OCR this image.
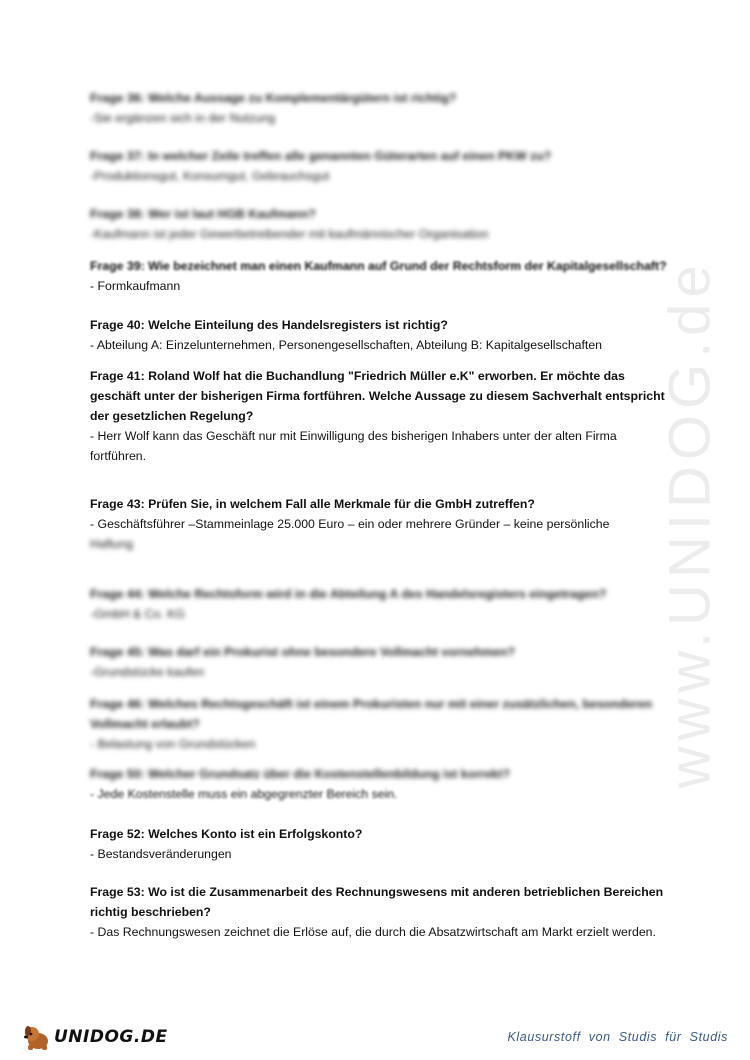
www.UNIDOG.de
Frage 36: Welche Aussage zu Komplementärgütern ist richtig?
-Sie ergänzen sich in der Nutzung
Frage 37: In welcher Zeile treffen alle genannten Güterarten auf einen PKW zu?
-Produktionsgut, Konsumgut, Gebrauchsgut
Frage 38: Wer ist laut HGB Kaufmann?
-Kaufmann ist jeder Gewerbetreibender mit kaufmännischer Organisation
Frage 39: Wie bezeichnet man einen Kaufmann auf Grund der Rechtsform der Kapitalgesellschaft?
- Formkaufmann
Frage 40: Welche Einteilung des Handelsregisters ist richtig?
- Abteilung A: Einzelunternehmen, Personengesellschaften, Abteilung B: Kapitalgesellschaften
Frage 41: Roland Wolf hat die Buchandlung "Friedrich Müller e.K" erworben. Er möchte das geschäft unter der bisherigen Firma fortführen. Welche Aussage zu diesem Sachverhalt entspricht der gesetzlichen Regelung?
- Herr Wolf kann das Geschäft nur mit Einwilligung des bisherigen Inhabers unter der alten Firma fortführen.
Frage 43: Prüfen Sie, in welchem Fall alle Merkmale für die GmbH zutreffen?
- Geschäftsführer –Stammeinlage 25.000 Euro – ein oder mehrere Gründer – keine persönliche
Haftung
Frage 44: Welche Rechtsform wird in die Abteilung A des Handelsregisters eingetragen?
-GmbH & Co. KG
Frage 45: Was darf ein Prokurist ohne besondere Vollmacht vornehmen?
-Grundstücke kaufen
Frage 46: Welches Rechtsgeschäft ist einem Prokuristen nur mit einer zusätzlichen, besonderen Vollmacht erlaubt?
- Belastung von Grundstücken
Frage 50: Welcher Grundsatz über die Kostenstellenbildung ist korrekt?
- Jede Kostenstelle muss ein abgegrenzter Bereich sein.
Frage 52: Welches Konto ist ein Erfolgskonto?
- Bestandsveränderungen
Frage 53: Wo ist die Zusammenarbeit des Rechnungswesens mit anderen betrieblichen Bereichen richtig beschrieben?
- Das Rechnungswesen zeichnet die Erlöse auf, die durch die Absatzwirtschaft am Markt erzielt werden.
UNIDOG.DE	Klausurstoff von Studis für Studis
